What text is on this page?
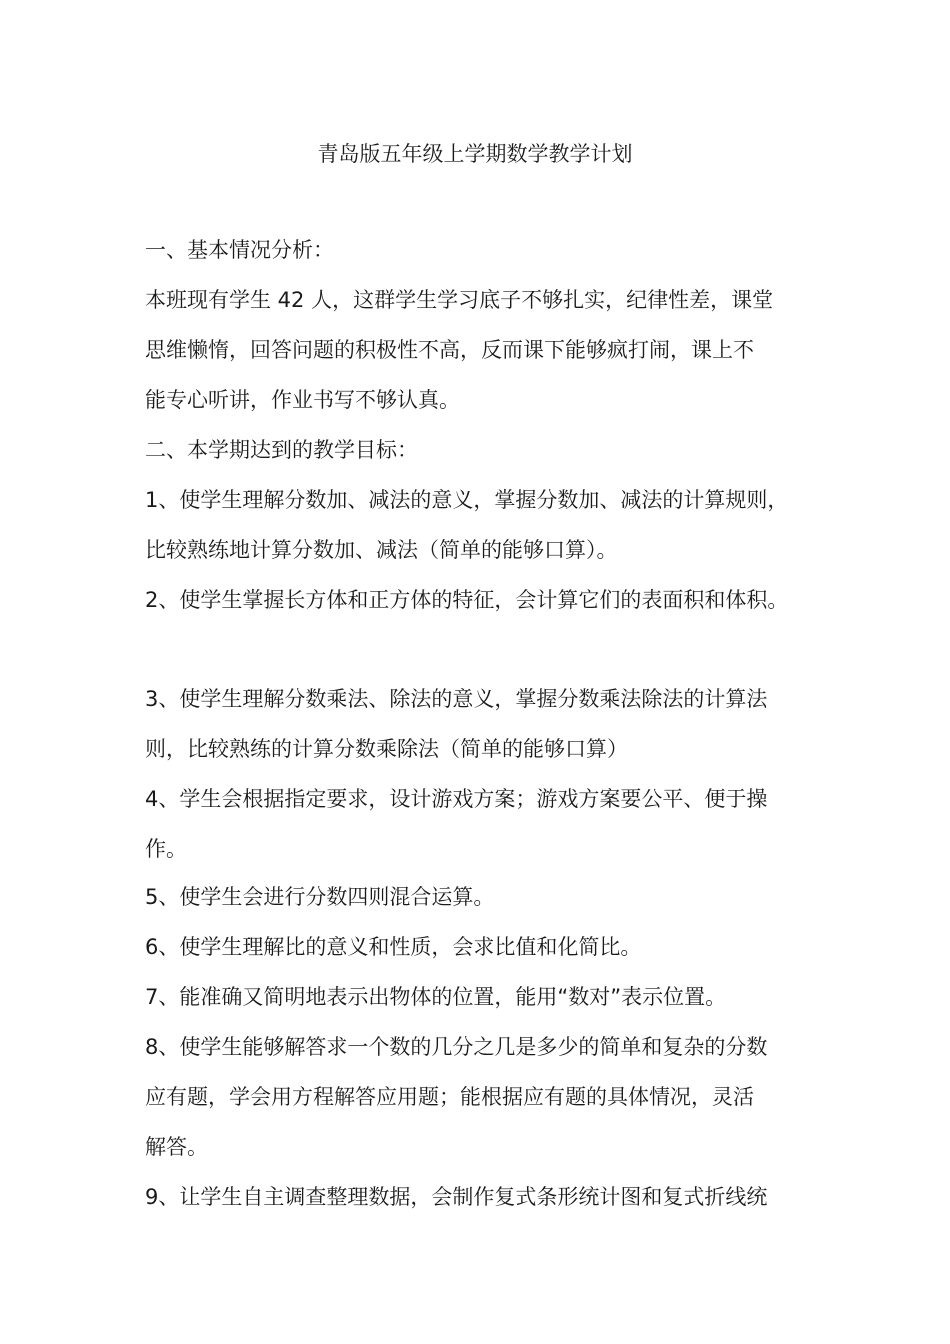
青岛版五年级上学期数学教学计划
一、基本情况分析：
本班现有学生 42 人，这群学生学习底子不够扎实，纪律性差，课堂
思维懒惰，回答问题的积极性不高，反而课下能够疯打闹，课上不
能专心听讲，作业书写不够认真。
二、本学期达到的教学目标：
1、使学生理解分数加、减法的意义，掌握分数加、减法的计算规则，
比较熟练地计算分数加、减法（简单的能够口算）。
2、使学生掌握长方体和正方体的特征，会计算它们的表面积和体积。
3、使学生理解分数乘法、除法的意义，掌握分数乘法除法的计算法
则，比较熟练的计算分数乘除法（简单的能够口算）
4、学生会根据指定要求，设计游戏方案；游戏方案要公平、便于操
作。
5、使学生会进行分数四则混合运算。
6、使学生理解比的意义和性质，会求比值和化简比。
7、能准确又简明地表示出物体的位置，能用“数对”表示位置。
8、使学生能够解答求一个数的几分之几是多少的简单和复杂的分数
应有题，学会用方程解答应用题；能根据应有题的具体情况，灵活
解答。
9、让学生自主调查整理数据，会制作复式条形统计图和复式折线统
